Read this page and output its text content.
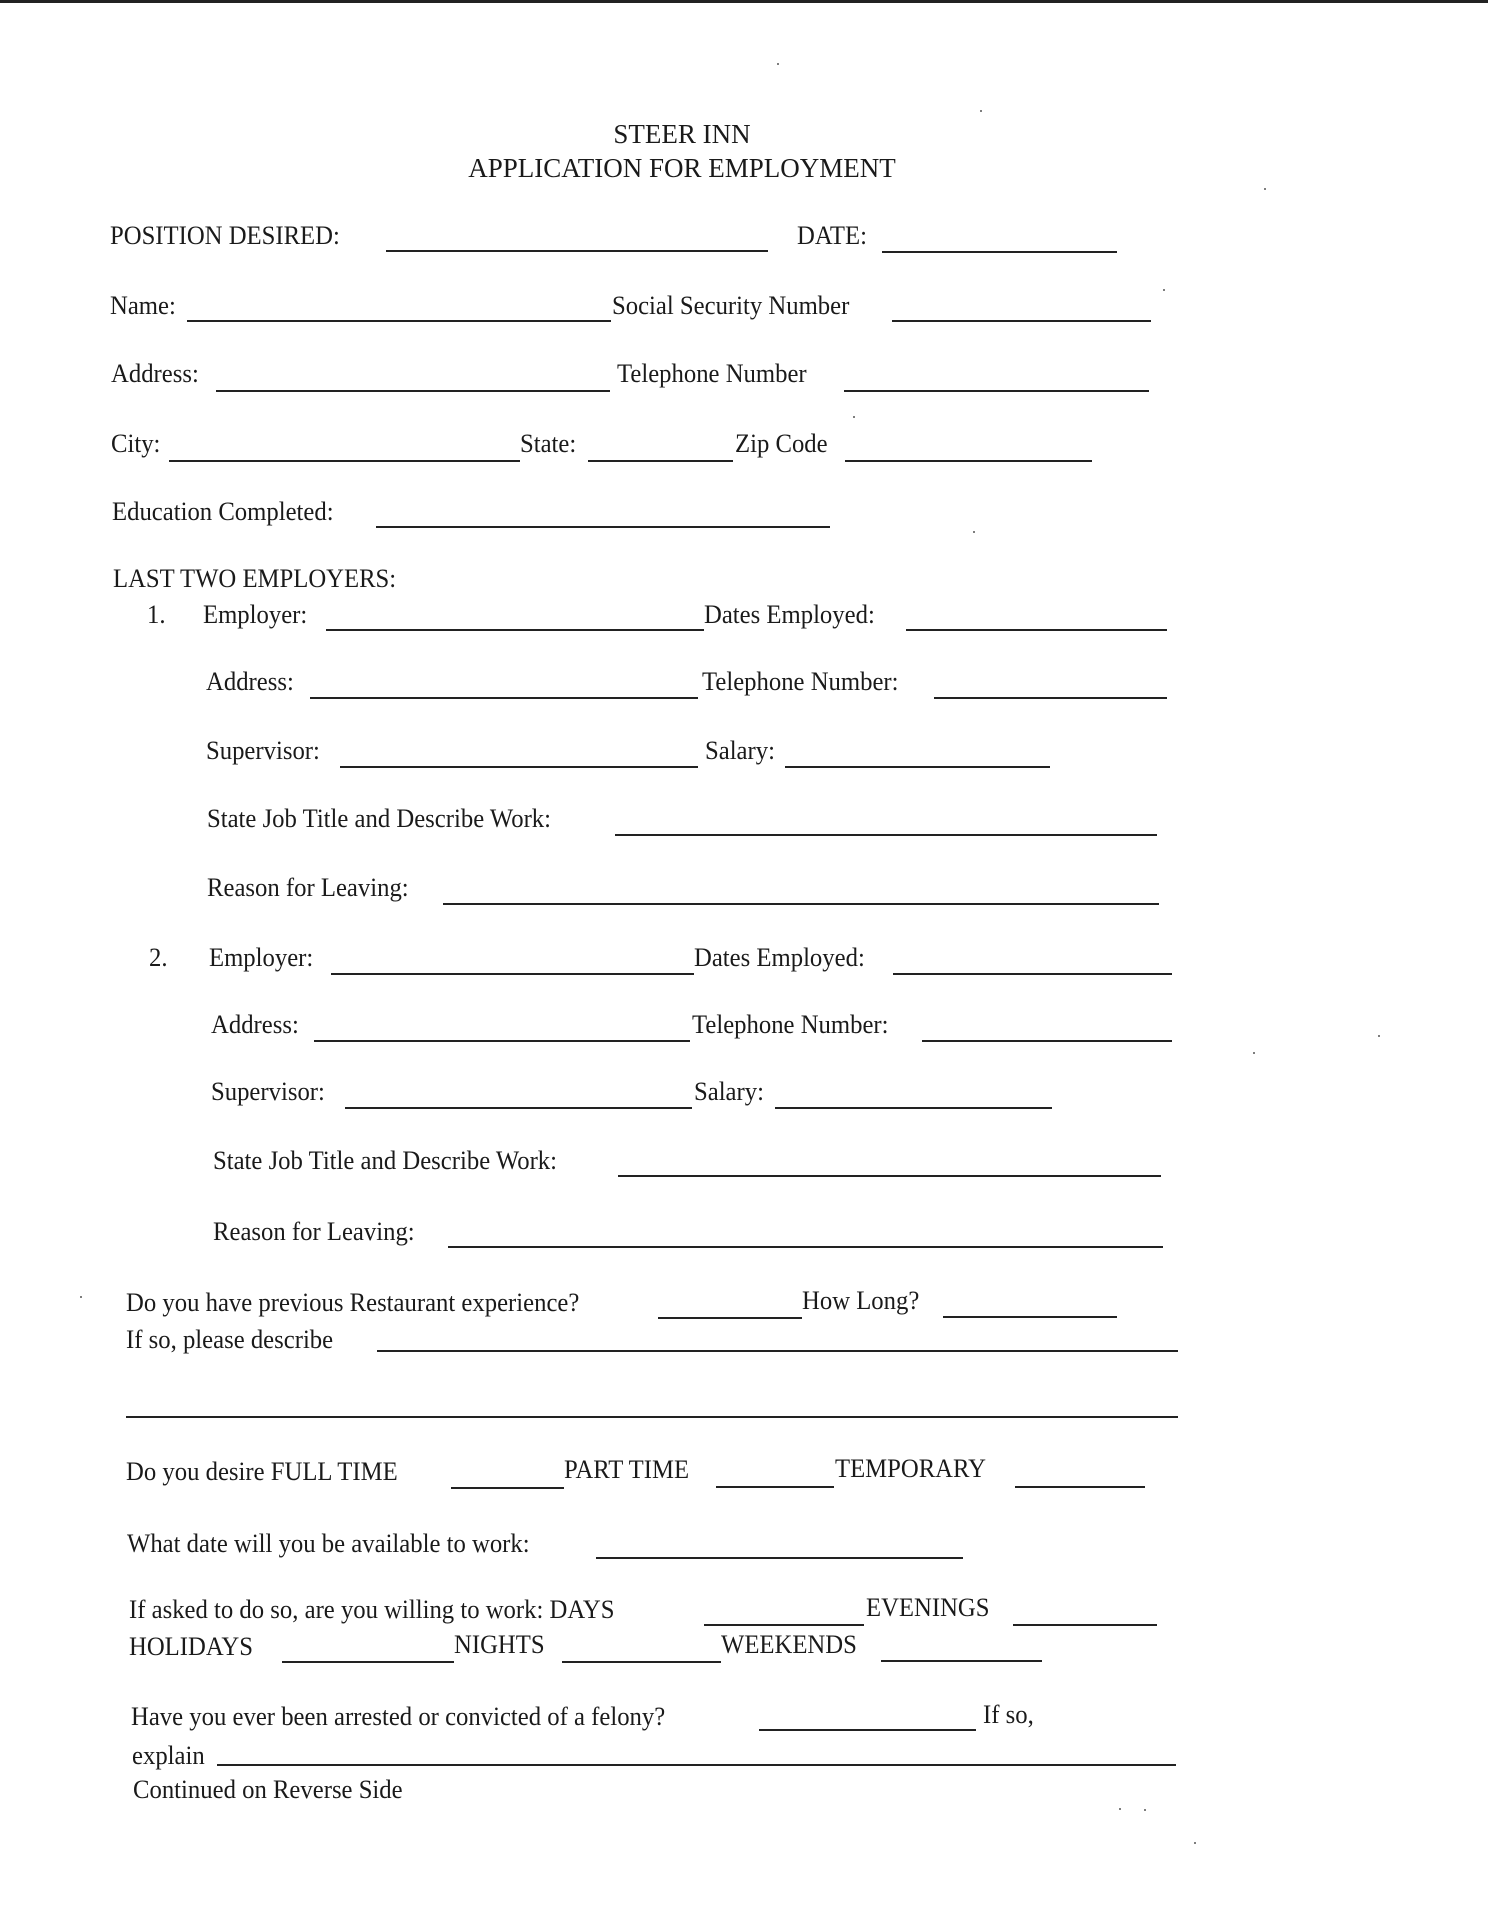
STEER INN
APPLICATION FOR EMPLOYMENT
POSITION DESIRED:	DATE:
Name:	Social Security Number
Address:	Telephone Number
City:	State:	Zip Code
Education Completed:
LAST TWO EMPLOYERS:
1. Employer:	Dates Employed:
Address:	Telephone Number:
Supervisor:	Salary:
State Job Title and Describe Work:
Reason for Leaving:
2. Employer:	Dates Employed:
Address:	Telephone Number:
Supervisor:	Salary:
State Job Title and Describe Work:
Reason for Leaving:
Do you have previous Restaurant experience?	How Long?
If so, please describe
Do you desire FULL TIME	PART TIME	TEMPORARY
What date will you be available to work:
If asked to do so, are you willing to work: DAYS	EVENINGS
HOLIDAYS	NIGHTS	WEEKENDS
Have you ever been arrested or convicted of a felony?	If so,
explain
Continued on Reverse Side
